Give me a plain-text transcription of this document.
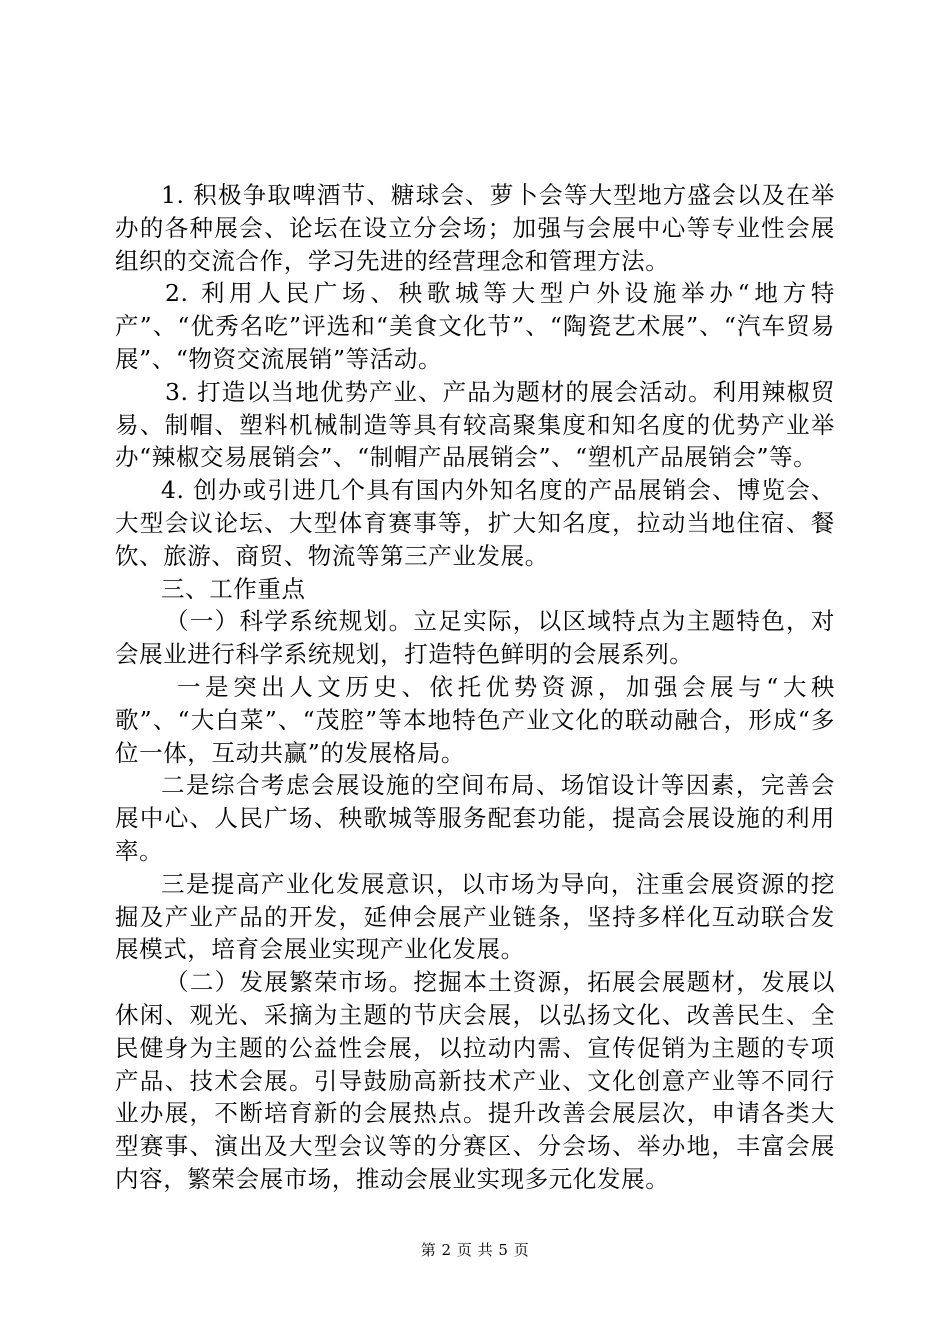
1. 积极争取啤酒节、糖球会、萝卜会等大型地方盛会以及在举办的各种展会、论坛在设立分会场；加强与会展中心等专业性会展组织的交流合作，学习先进的经营理念和管理方法。

2. 利用人民广场、秧歌城等大型户外设施举办“地方特产”、“优秀名吃”评选和“美食文化节”、“陶瓷艺术展”、“汽车贸易展”、“物资交流展销”等活动。

3. 打造以当地优势产业、产品为题材的展会活动。利用辣椒贸易、制帽、塑料机械制造等具有较高聚集度和知名度的优势产业举办“辣椒交易展销会”、“制帽产品展销会”、“塑机产品展销会”等。

4. 创办或引进几个具有国内外知名度的产品展销会、博览会、大型会议论坛、大型体育赛事等，扩大知名度，拉动当地住宿、餐饮、旅游、商贸、物流等第三产业发展。

三、工作重点

（一）科学系统规划。立足实际，以区域特点为主题特色，对会展业进行科学系统规划，打造特色鲜明的会展系列。

一是突出人文历史、依托优势资源，加强会展与“大秧歌”、“大白菜”、“茂腔”等本地特色产业文化的联动融合，形成“多位一体，互动共赢”的发展格局。

二是综合考虑会展设施的空间布局、场馆设计等因素，完善会展中心、人民广场、秧歌城等服务配套功能，提高会展设施的利用率。

三是提高产业化发展意识，以市场为导向，注重会展资源的挖掘及产业产品的开发，延伸会展产业链条，坚持多样化互动联合发展模式，培育会展业实现产业化发展。

（二）发展繁荣市场。挖掘本土资源，拓展会展题材，发展以休闲、观光、采摘为主题的节庆会展，以弘扬文化、改善民生、全民健身为主题的公益性会展，以拉动内需、宣传促销为主题的专项产品、技术会展。引导鼓励高新技术产业、文化创意产业等不同行业办展，不断培育新的会展热点。提升改善会展层次，申请各类大型赛事、演出及大型会议等的分赛区、分会场、举办地，丰富会展内容，繁荣会展市场，推动会展业实现多元化发展。

第 2 页 共 5 页
